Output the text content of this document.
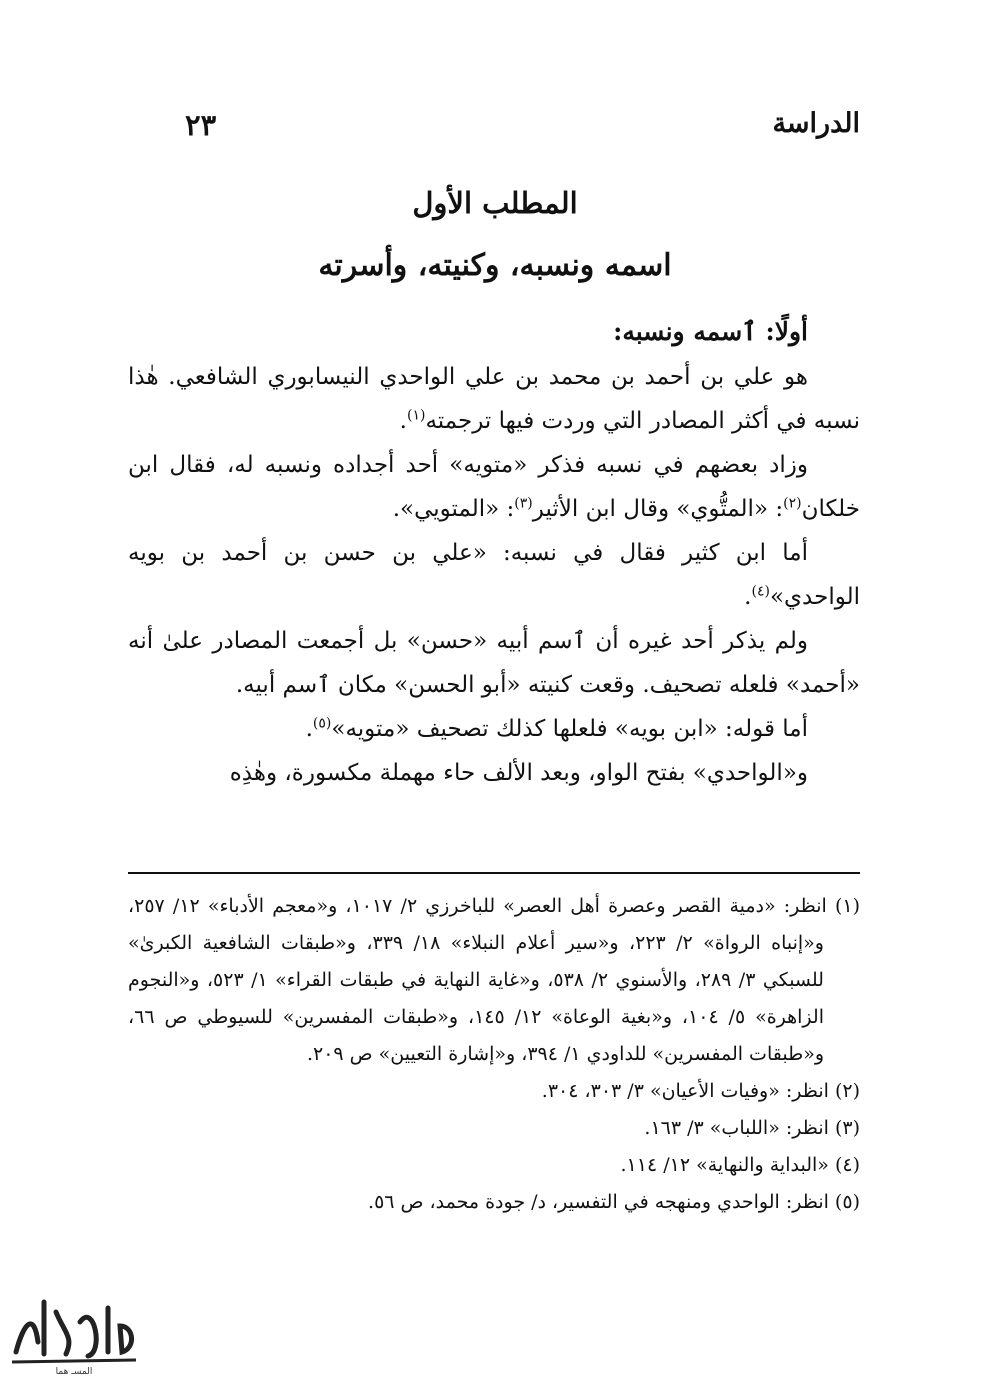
الدراسة
٢٣
المطلب الأول
اسمه ونسبه، وكنيته، وأسرته

أولًا: ٱسمه ونسبه:

هو علي بن أحمد بن محمد بن علي الواحدي النيسابوري الشافعي. هٰذا نسبه في أكثر المصادر التي وردت فيها ترجمته$^{(١)}$.

وزاد بعضهم في نسبه فذكر «متويه» أحد أجداده ونسبه له، فقال ابن خلكان$^{(٢)}$: «المتُّوي» وقال ابن الأثير$^{(٣)}$: «المتويي».

أما ابن كثير فقال في نسبه: «علي بن حسن بن أحمد بن بويه الواحدي»$^{(٤)}$.

ولم يذكر أحد غيره أن ٱسم أبيه «حسن» بل أجمعت المصادر علىٰ أنه «أحمد» فلعله تصحيف. وقعت كنيته «أبو الحسن» مكان ٱسم أبيه.

أما قوله: «ابن بويه» فلعلها كذلك تصحيف «متويه»$^{(٥)}$.

و«الواحدي» بفتح الواو، وبعد الألف حاء مهملة مكسورة، وهٰذِه

(١) انظر: «دمية القصر وعصرة أهل العصر» للباخرزي ٢/ ١٠١٧، و«معجم الأدباء» ١٢/ ٢٥٧، و«إنباه الرواة» ٢/ ٢٢٣، و«سير أعلام النبلاء» ١٨/ ٣٣٩، و«طبقات الشافعية الكبرىٰ» للسبكي ٣/ ٢٨٩، والأسنوي ٢/ ٥٣٨، و«غاية النهاية في طبقات القراء» ١/ ٥٢٣، و«النجوم الزاهرة» ٥/ ١٠٤، و«بغية الوعاة» ١٢/ ١٤٥، و«طبقات المفسرين» للسيوطي ص ٦٦، و«طبقات المفسرين» للداودي ١/ ٣٩٤، و«إشارة التعيين» ص ٢٠٩.

(٢) انظر: «وفيات الأعيان» ٣/ ٣٠٣، ٣٠٤.

(٣) انظر: «اللباب» ٣/ ١٦٣.

(٤) «البداية والنهاية» ١٢/ ١١٤.

(٥) انظر: الواحدي ومنهجه في التفسير، د/ جودة محمد، ص ٥٦.

المسـ هما
